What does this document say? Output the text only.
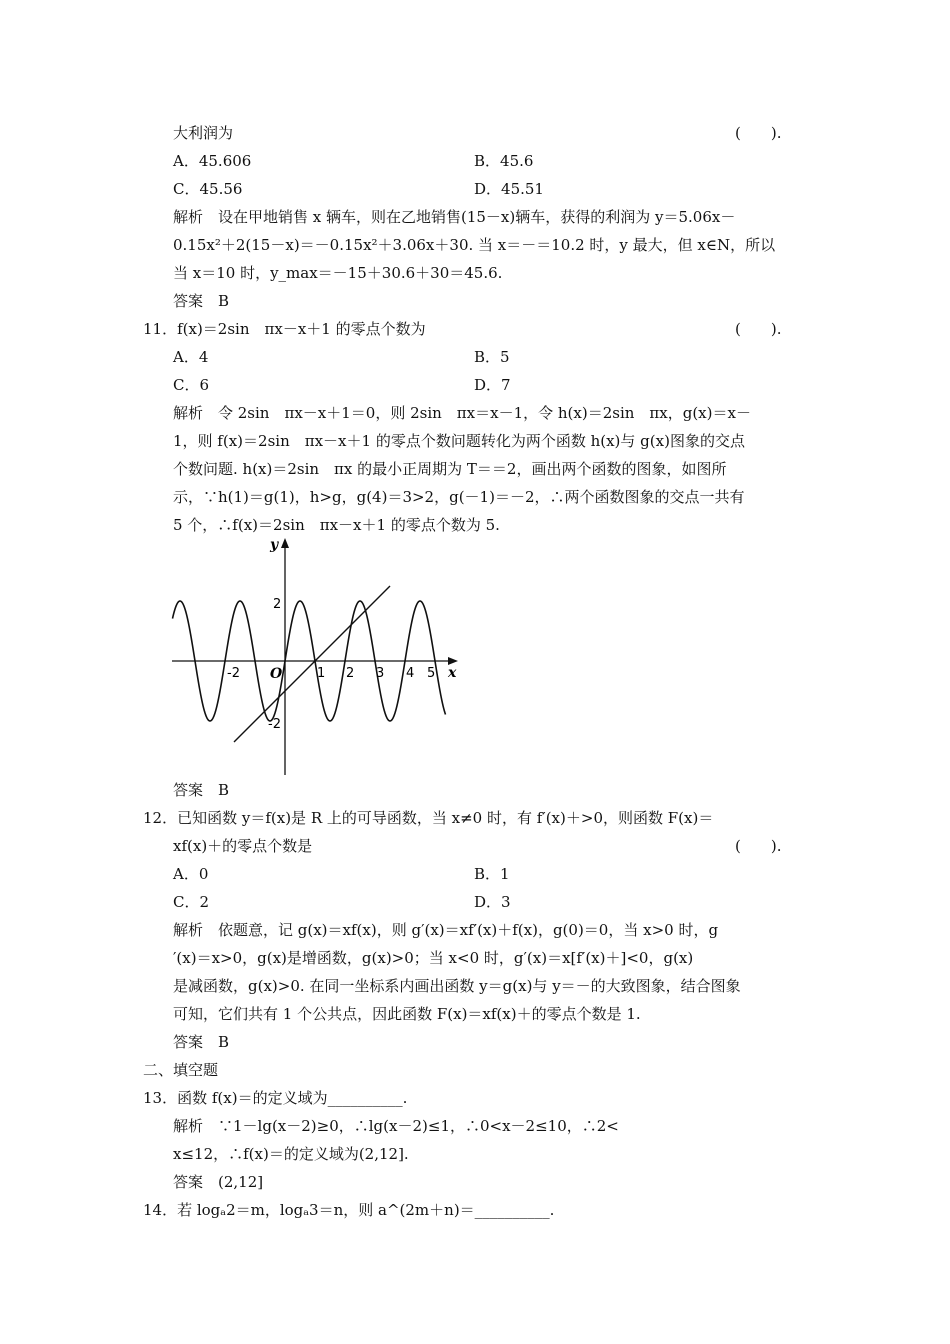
大利润为	(　　).
A．45.606	B．45.6
C．45.56	D．45.51
解析　设在甲地销售 x 辆车，则在乙地销售(15－x)辆车，获得的利润为 y＝5.06x－
0.15x²＋2(15－x)＝－0.15x²＋3.06x＋30. 当 x＝－＝10.2 时，y 最大，但 x∈N，所以
当 x＝10 时，y_max＝－15＋30.6＋30＝45.6.
答案　B
11．f(x)＝2sin　πx－x＋1 的零点个数为	(　　).
A．4	B．5
C．6	D．7
解析　令 2sin　πx－x＋1＝0，则 2sin　πx＝x－1，令 h(x)＝2sin　πx，g(x)＝x－
1，则 f(x)＝2sin　πx－x＋1 的零点个数问题转化为两个函数 h(x)与 g(x)图象的交点
个数问题. h(x)＝2sin　πx 的最小正周期为 T＝＝2，画出两个函数的图象，如图所
示，∵h(1)＝g(1)，h>g，g(4)＝3>2，g(－1)＝－2，∴两个函数图象的交点一共有
5 个，∴f(x)＝2sin　πx－x＋1 的零点个数为 5.
x
y
O
-2	1 2 3 4 5
2
-2
答案　B
12．已知函数 y＝f(x)是 R 上的可导函数，当 x≠0 时，有 f′(x)＋>0，则函数 F(x)＝
xf(x)＋的零点个数是	(　　).
A．0	B．1
C．2	D．3
解析　依题意，记 g(x)＝xf(x)，则 g′(x)＝xf′(x)＋f(x)，g(0)＝0，当 x>0 时，g
′(x)＝x>0，g(x)是增函数，g(x)>0；当 x<0 时，g′(x)＝x[f′(x)＋]<0，g(x)
是减函数，g(x)>0. 在同一坐标系内画出函数 y＝g(x)与 y＝－的大致图象，结合图象
可知，它们共有 1 个公共点，因此函数 F(x)＝xf(x)＋的零点个数是 1.
答案　B
二、填空题
13．函数 f(x)＝的定义域为__________.
解析　∵1－lg(x－2)≥0，∴lg(x－2)≤1，∴0<x－2≤10，∴2<
x≤12，∴f(x)＝的定义域为(2,12].
答案　(2,12]
14．若 logₐ2＝m，logₐ3＝n，则 a^(2m＋n)＝__________.
